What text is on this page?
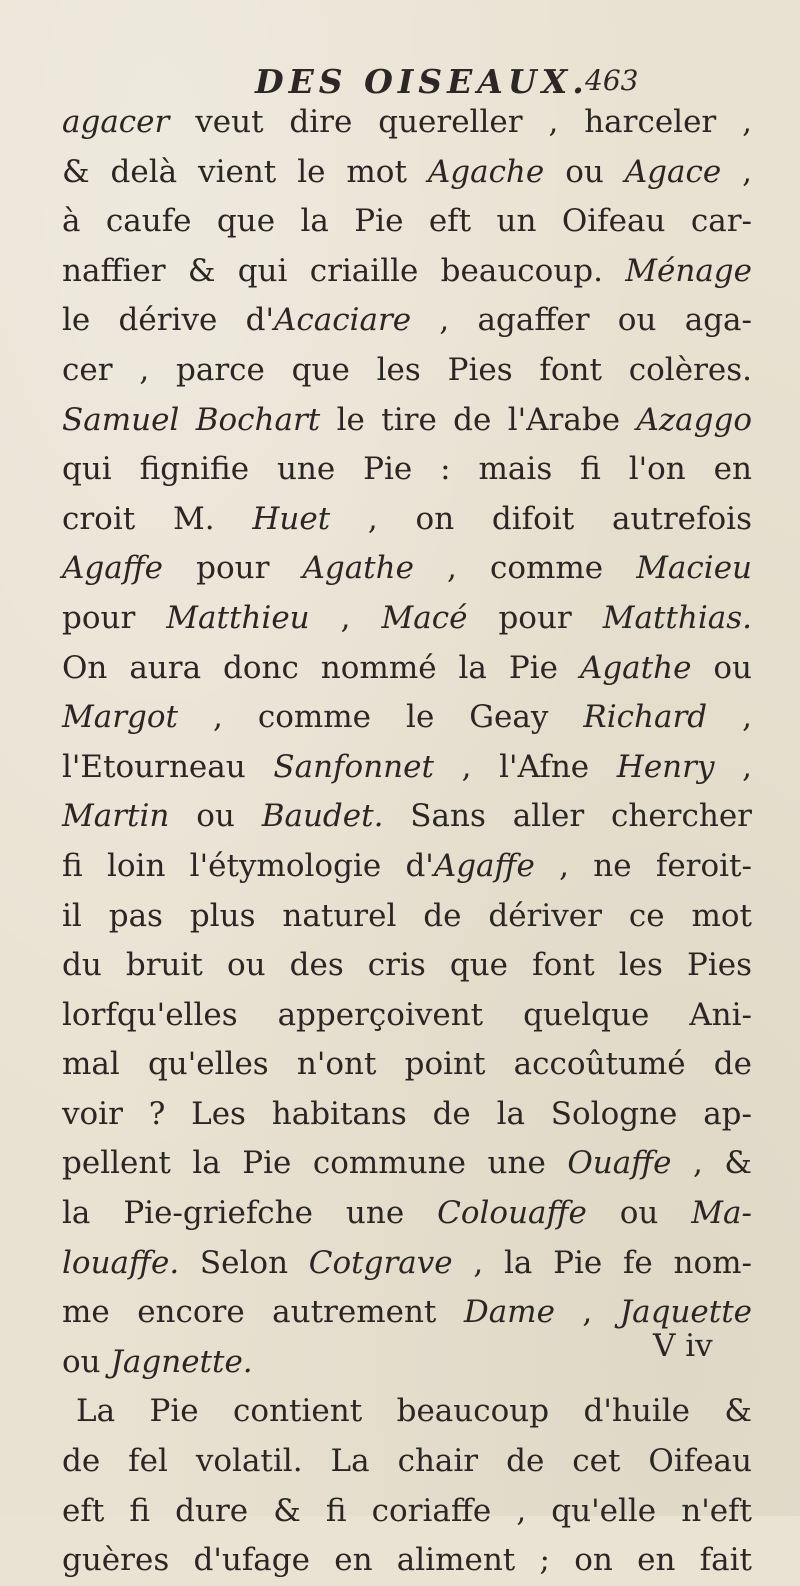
DES OISEAUX.
463
agacer veut dire quereller , harceler ,
& delà vient le mot Agache ou Agace ,
à caufe que la Pie eft un Oifeau car-
naffier & qui criaille beaucoup. Ménage
le dérive d'Acaciare , agaffer ou aga-
cer , parce que les Pies font colères.
Samuel Bochart le tire de l'Arabe Azaggo
qui fignifie une Pie : mais fi l'on en
croit M. Huet , on difoit autrefois
Agaffe pour Agathe , comme Macieu
pour Matthieu , Macé pour Matthias.
On aura donc nommé la Pie Agathe ou
Margot , comme le Geay Richard ,
l'Etourneau Sanfonnet , l'Afne Henry ,
Martin ou Baudet. Sans aller chercher
fi loin l'étymologie d'Agaffe , ne feroit-
il pas plus naturel de dériver ce mot
du bruit ou des cris que font les Pies
lorfqu'elles apperçoivent quelque Ani-
mal qu'elles n'ont point accoûtumé de
voir ? Les habitans de la Sologne ap-
pellent la Pie commune une Ouaffe , &
la Pie-griefche une Colouaffe ou Ma-
louaffe. Selon Cotgrave , la Pie fe nom-
me encore autrement Dame , Jaquette
ou Jagnette.
La Pie contient beaucoup d'huile &
de fel volatil. La chair de cet Oifeau
eft fi dure & fi coriaffe , qu'elle n'eft
guères d'ufage en aliment ; on en fait
V iv
